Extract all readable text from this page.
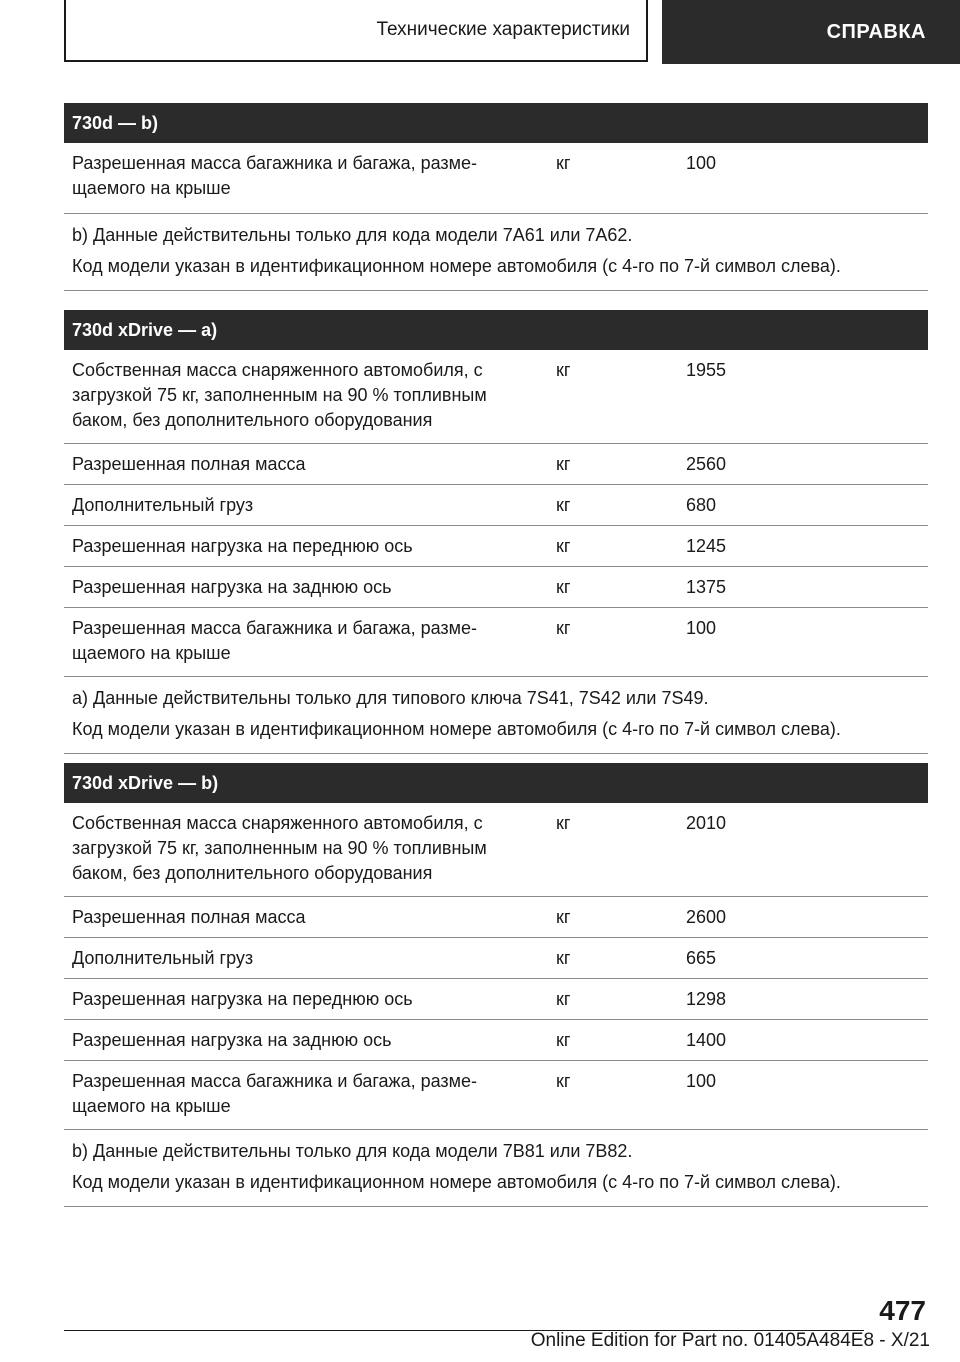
Технические характеристики	СПРАВКА
730d — b)
Разрешенная масса багажника и багажа, разме-
щаемого на крыше
кг	100

b) Данные действительны только для кода модели 7A61 или 7A62.

Код модели указан в идентификационном номере автомобиля (с 4-го по 7-й символ слева).

730d xDrive — a)
Собственная масса снаряженного автомобиля, с
загрузкой 75 кг, заполненным на 90 % топливным
баком, без дополнительного оборудования
кг	1955
Разрешенная полная масса	кг	2560
Дополнительный груз	кг	680
Разрешенная нагрузка на переднюю ось	кг	1245
Разрешенная нагрузка на заднюю ось	кг	1375
Разрешенная масса багажника и багажа, разме-
щаемого на крыше
кг	100

a) Данные действительны только для типового ключа 7S41, 7S42 или 7S49.

Код модели указан в идентификационном номере автомобиля (с 4-го по 7-й символ слева).

730d xDrive — b)
Собственная масса снаряженного автомобиля, с
загрузкой 75 кг, заполненным на 90 % топливным
баком, без дополнительного оборудования
кг	2010
Разрешенная полная масса	кг	2600
Дополнительный груз	кг	665
Разрешенная нагрузка на переднюю ось	кг	1298
Разрешенная нагрузка на заднюю ось	кг	1400
Разрешенная масса багажника и багажа, разме-
щаемого на крыше
кг	100

b) Данные действительны только для кода модели 7B81 или 7B82.

Код модели указан в идентификационном номере автомобиля (с 4-го по 7-й символ слева).

477
Online Edition for Part no. 01405A484E8 - X/21
